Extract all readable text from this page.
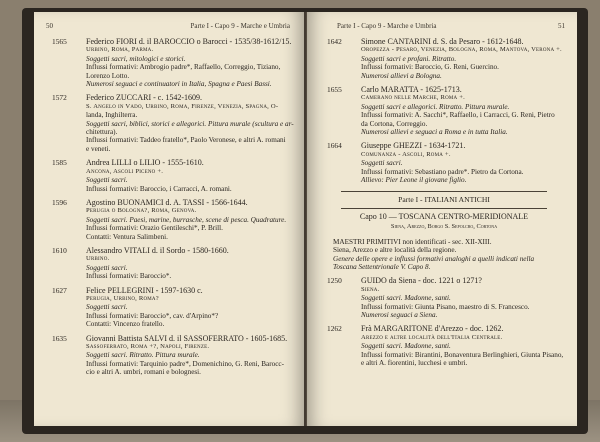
50	Parte I - Capo 9 - Marche e Umbria
1565 Federico FIORI d. il BAROCCIO o Barocci - 1535/38-1612/15.
Urbino, Roma, Parma.
Soggetti sacri, mitologici e storici.
Influssi formativi: Ambrogio padre*, Raffaello, Correggio, Tiziano,
Lorenzo Lotto.
Numerosi seguaci e continuatori in Italia, Spagna e Paesi Bassi.
1572 Federico ZUCCARI - c. 1542-1609.
S. Angelo in Vado, Urbino, Roma, Firenze, Venezia, Spagna, O-
landa, Inghilterra.
Soggetti sacri, biblici, storici e allegorici. Pittura murale (scultura e ar-
chitettura).
Influssi formativi: Taddeo fratello*, Paolo Veronese, e altri A. romani
e veneti.
1585 Andrea LILLI o LILIO - 1555-1610.
Ancona, Ascoli Piceno +.
Soggetti sacri.
Influssi formativi: Baroccio, i Carracci, A. romani.
1596 Agostino BUONAMICI d. A. TASSI - 1566-1644.
Perugia o Bologna?, Roma, Genova.
Soggetti sacri. Paesi, marine, burrasche, scene di pesca. Quadrature.
Influssi formativi: Orazio Gentileschi*, P. Brill.
Contatti: Ventura Salimbeni.
1610 Alessandro VITALI d. il Sordo - 1580-1660.
Urbino.
Soggetti sacri.
Influssi formativi: Baroccio*.
1627 Felice PELLEGRINI - 1597-1630 c.
Perugia, Urbino, Roma?
Soggetti sacri.
Influssi formativi: Baroccio*, cav. d'Arpino*?
Contatti: Vincenzo fratello.
1635 Giovanni Battista SALVI d. il SASSOFERRATO - 1605-1685.
Sassoferrato, Roma +?, Napoli, Firenze.
Soggetti sacri. Ritratto. Pittura murale.
Influssi formativi: Tarquinio padre*, Domenichino, G. Reni, Barocc-
cio e altri A. umbri, romani e bolognesi.
Parte I - Capo 9 - Marche e Umbria	51
1642 Simone CANTARINI d. S. da Pesaro - 1612-1648.
Oropezza - Pesaro, Venezia, Bologna, Roma, Mantova, Verona +.
Soggetti sacri e profani. Ritratto.
Influssi formativi: Baroccio, G. Reni, Guercino.
Numerosi allievi a Bologna.
1655 Carlo MARATTA - 1625-1713.
Camerano nelle Marche, Roma +.
Soggetti sacri e allegorici. Ritratto. Pittura murale.
Influssi formativi: A. Sacchi*, Raffaello, i Carracci, G. Reni, Pietro
da Cortona, Correggio.
Numerosi allievi e seguaci a Roma e in tutta Italia.
1664 Giuseppe GHEZZI - 1634-1721.
Comunanza - Ascoli, Roma +.
Soggetti sacri.
Influssi formativi: Sebastiano padre*. Pietro da Cortona.
Allievo: Pier Leone il giovane figlio.
Parte I - ITALIANI ANTICHI
Capo 10 — TOSCANA CENTRO-MERIDIONALE
Siena, Arezzo, Borgo S. Sepolcro, Cortona
MAESTRI PRIMITIVI non identificati - sec. XII-XIII.
Siena, Arezzo e altre località della regione.
Genere delle opere e influssi formativi analoghi a quelli indicati nella
Toscana Settentrionale V. Capo 8.
1250 GUIDO da Siena - doc. 1221 o 1271?
Siena.
Soggetti sacri. Madonne, santi.
Influssi formativi: Giunta Pisano, maestro di S. Francesco.
Numerosi seguaci a Siena.
1262 Frà MARGARITONE d'Arezzo - doc. 1262.
Arezzo e altre località dell'Italia Centrale.
Soggetti sacri. Madonne, santi.
Influssi formativi: Birantini, Bonaventura Berlinghieri, Giunta Pisano,
e altri A. fiorentini, lucchesi e umbri.
